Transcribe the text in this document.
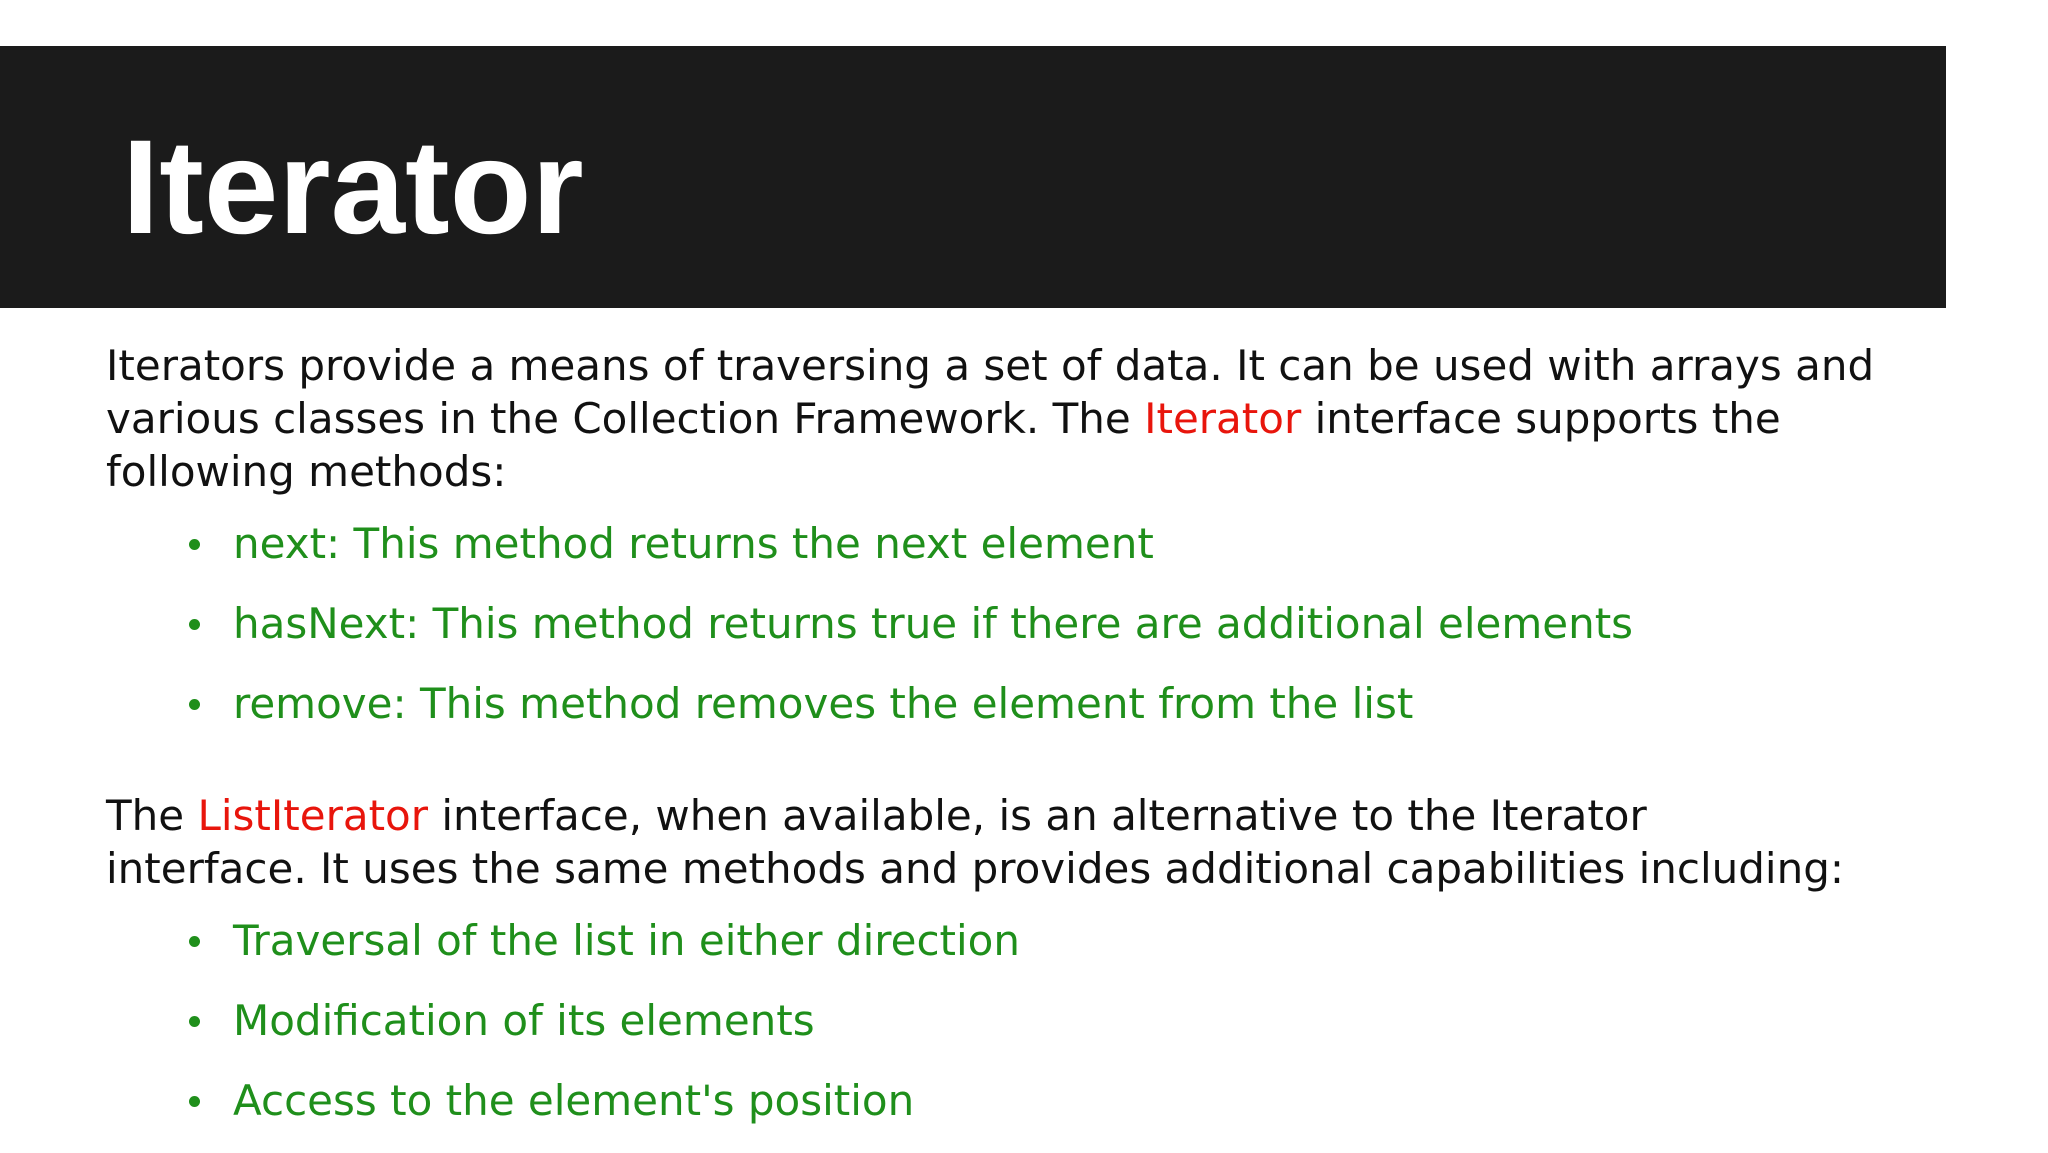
Iterator

Iterators provide a means of traversing a set of data. It can be used with arrays and
various classes in the Collection Framework. The Iterator interface supports the
following methods:

next: This method returns the next element
hasNext: This method returns true if there are additional elements
remove: This method removes the element from the list

The ListIterator interface, when available, is an alternative to the Iterator
interface. It uses the same methods and provides additional capabilities including:

Traversal of the list in either direction
Modification of its elements
Access to the element's position
